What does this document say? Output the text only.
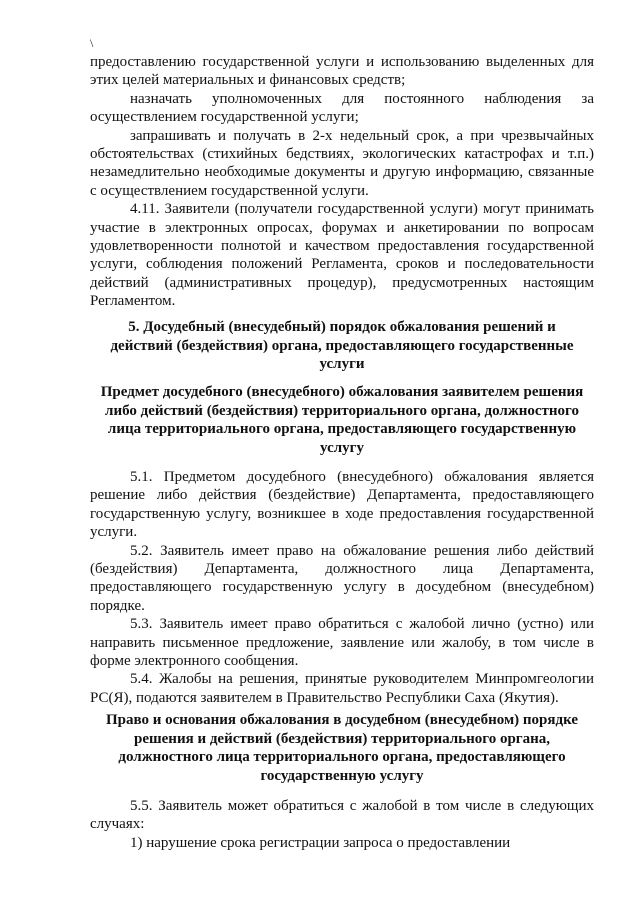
\

предоставлению государственной услуги и использованию выделенных для этих целей материальных и финансовых средств;

назначать уполномоченных для постоянного наблюдения за осуществлением государственной услуги;

запрашивать и получать в 2-х недельный срок, а при чрезвычайных обстоятельствах (стихийных бедствиях, экологических катастрофах и т.п.) незамедлительно необходимые документы и другую информацию, связанные с осуществлением государственной услуги.

4.11. Заявители (получатели государственной услуги) могут принимать участие в электронных опросах, форумах и анкетировании по вопросам удовлетворенности полнотой и качеством предоставления государственной услуги, соблюдения положений Регламента, сроков и последовательности действий (административных процедур), предусмотренных настоящим Регламентом.

5. Досудебный (внесудебный) порядок обжалования решений и действий (бездействия) органа, предоставляющего государственные услуги

Предмет досудебного (внесудебного) обжалования заявителем решения либо действий (бездействия) территориального органа, должностного лица территориального органа, предоставляющего государственную услугу

5.1. Предметом досудебного (внесудебного) обжалования является решение либо действия (бездействие) Департамента, предоставляющего государственную услугу, возникшее в ходе предоставления государственной услуги.

5.2. Заявитель имеет право на обжалование решения либо действий (бездействия) Департамента, должностного лица Департамента, предоставляющего государственную услугу в досудебном (внесудебном) порядке.

5.3. Заявитель имеет право обратиться с жалобой лично (устно) или направить письменное предложение, заявление или жалобу, в том числе в форме электронного сообщения.

5.4. Жалобы на решения, принятые руководителем Минпромгеологии РС(Я), подаются заявителем в Правительство Республики Саха (Якутия).

Право и основания обжалования в досудебном (внесудебном) порядке решения и действий (бездействия) территориального органа, должностного лица территориального органа, предоставляющего государственную услугу

5.5. Заявитель может обратиться с жалобой в том числе в следующих случаях:

1) нарушение срока регистрации запроса о предоставлении
